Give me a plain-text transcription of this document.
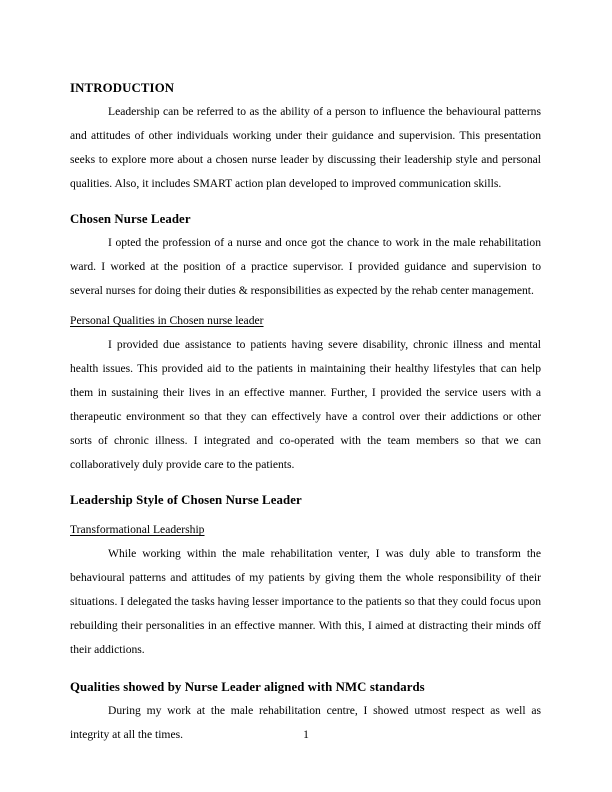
INTRODUCTION

Leadership can be referred to as the ability of a person to influence the behavioural patterns and attitudes of other individuals working under their guidance and supervision. This presentation seeks to explore more about a chosen nurse leader by discussing their leadership style and personal qualities. Also, it includes SMART action plan developed to improved communication skills.

Chosen Nurse Leader

I opted the profession of a nurse and once got the chance to work in the male rehabilitation ward. I worked at the position of a practice supervisor. I provided guidance and supervision to several nurses for doing their duties & responsibilities as expected by the rehab center management.

Personal Qualities in Chosen nurse leader

I provided due assistance to patients having severe disability, chronic illness and mental health issues. This provided aid to the patients in maintaining their healthy lifestyles that can help them in sustaining their lives in an effective manner. Further, I provided the service users with a therapeutic environment so that they can effectively have a control over their addictions or other sorts of chronic illness. I integrated and co-operated with the team members so that we can collaboratively duly provide care to the patients.

Leadership Style of Chosen Nurse Leader
Transformational Leadership

While working within the male rehabilitation venter, I was duly able to transform the behavioural patterns and attitudes of my patients by giving them the whole responsibility of their situations. I delegated the tasks having lesser importance to the patients so that they could focus upon rebuilding their personalities in an effective manner. With this, I aimed at distracting their minds off their addictions.

Qualities showed by Nurse Leader aligned with NMC standards

During my work at the male rehabilitation centre, I showed utmost respect as well as integrity at all the times.	1
